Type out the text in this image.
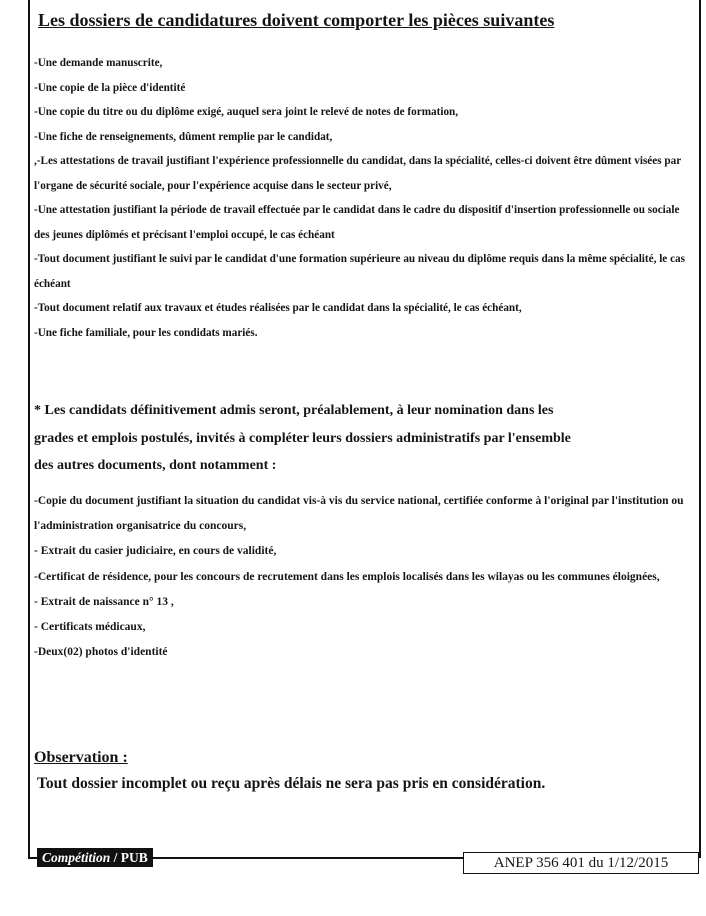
Les dossiers de candidatures doivent comporter les pièces suivantes
-Une demande manuscrite,
-Une copie de la pièce d'identité
-Une copie du titre ou du diplôme exigé, auquel sera joint le relevé de notes de formation,
-Une fiche de renseignements, dûment remplie par le candidat,
,-Les attestations de travail justifiant l'expérience professionnelle du candidat, dans la spécialité, celles-ci doivent être dûment visées par l'organe de sécurité sociale, pour l'expérience acquise dans le secteur privé,
-Une attestation justifiant la période de travail effectuée par le candidat dans le cadre du dispositif d'insertion professionnelle ou sociale des jeunes diplômés et précisant l'emploi occupé, le cas échéant
-Tout document justifiant le suivi par le candidat d'une formation supérieure au niveau du diplôme requis dans la même spécialité, le cas échéant
-Tout document relatif aux travaux et études réalisées par le candidat dans la spécialité, le cas échéant,
-Une fiche familiale, pour les condidats mariés.

* Les candidats définitivement admis seront, préalablement, à leur nomination dans les

grades et emplois postulés, invités à compléter leurs dossiers administratifs par l'ensemble

des autres documents, dont notamment :

-Copie du document justifiant la situation du candidat vis-à vis du service national, certifiée conforme à l'original par l'institution ou l'administration organisatrice du concours,
- Extrait du casier judiciaire, en cours de validité,
-Certificat de résidence, pour les concours de recrutement dans les emplois localisés dans les wilayas ou les communes éloignées,
- Extrait de naissance n° 13 ,
- Certificats médicaux,
-Deux(02) photos d'identité
Observation :
Tout dossier incomplet ou reçu après délais ne sera pas pris en considération.
Compétition / PUB	ANEP 356 401 du 1/12/2015
